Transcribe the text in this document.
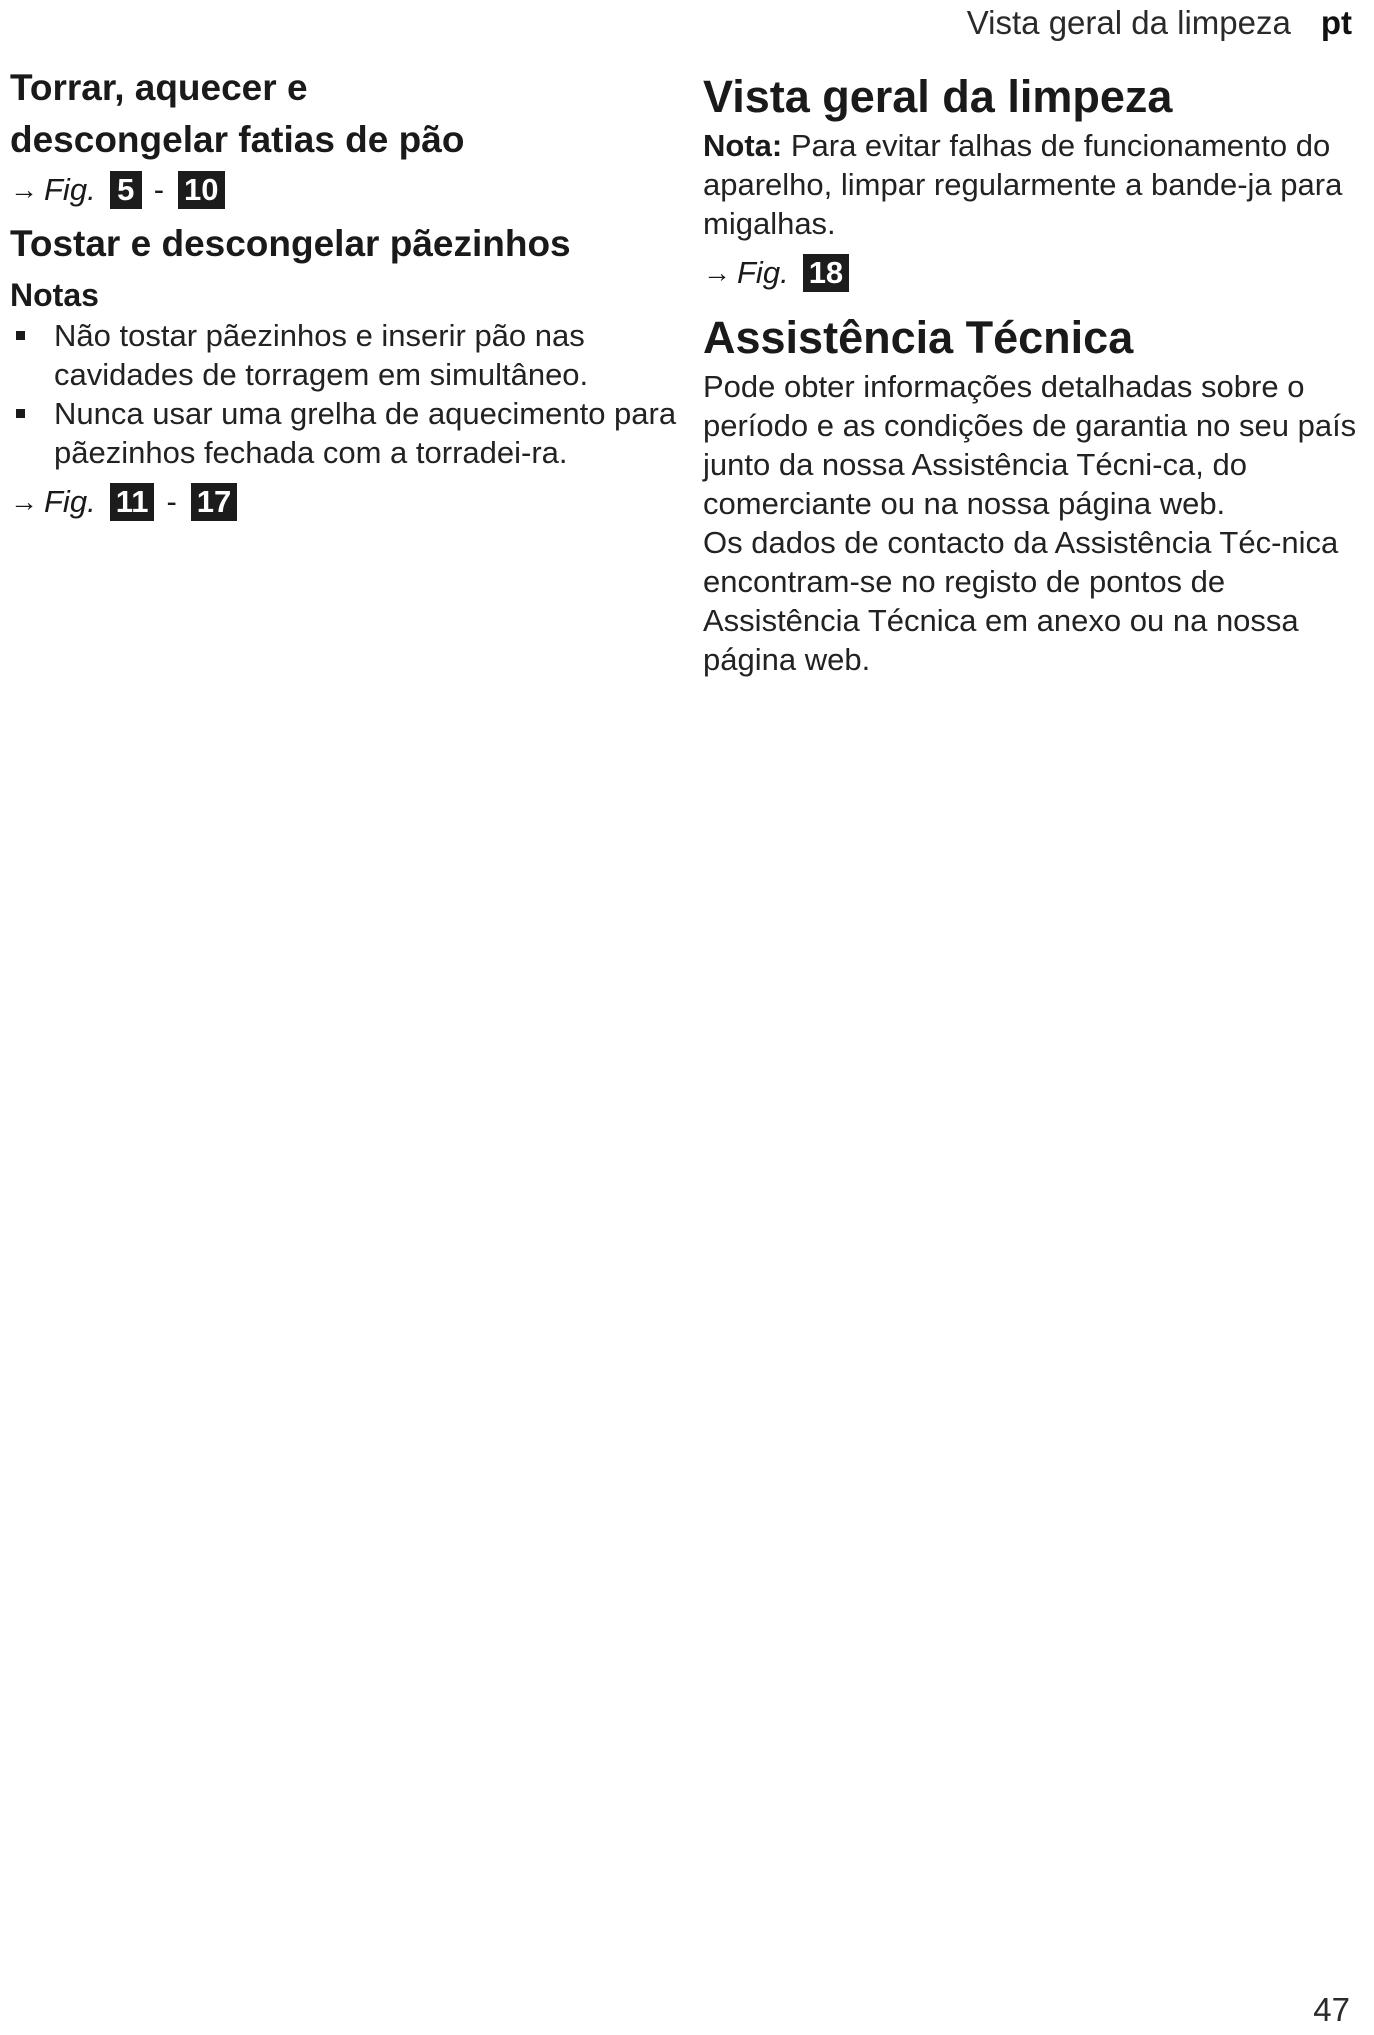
Vista geral da limpeza pt
Torrar, aquecer e descongelar fatias de pão
→ Fig. 5 - 10
Tostar e descongelar pãezinhos
Notas
Não tostar pãezinhos e inserir pão nas cavidades de torragem em simultâneo.
Nunca usar uma grelha de aquecimento para pãezinhos fechada com a torradei-ra.
→ Fig. 11 - 17
Vista geral da limpeza

Nota: Para evitar falhas de funcionamento do aparelho, limpar regularmente a bande-ja para migalhas.

→ Fig. 18
Assistência Técnica

Pode obter informações detalhadas sobre o período e as condições de garantia no seu país junto da nossa Assistência Técni-ca, do comerciante ou na nossa página web.

Os dados de contacto da Assistência Téc-nica encontram-se no registo de pontos de Assistência Técnica em anexo ou na nossa página web.

47
